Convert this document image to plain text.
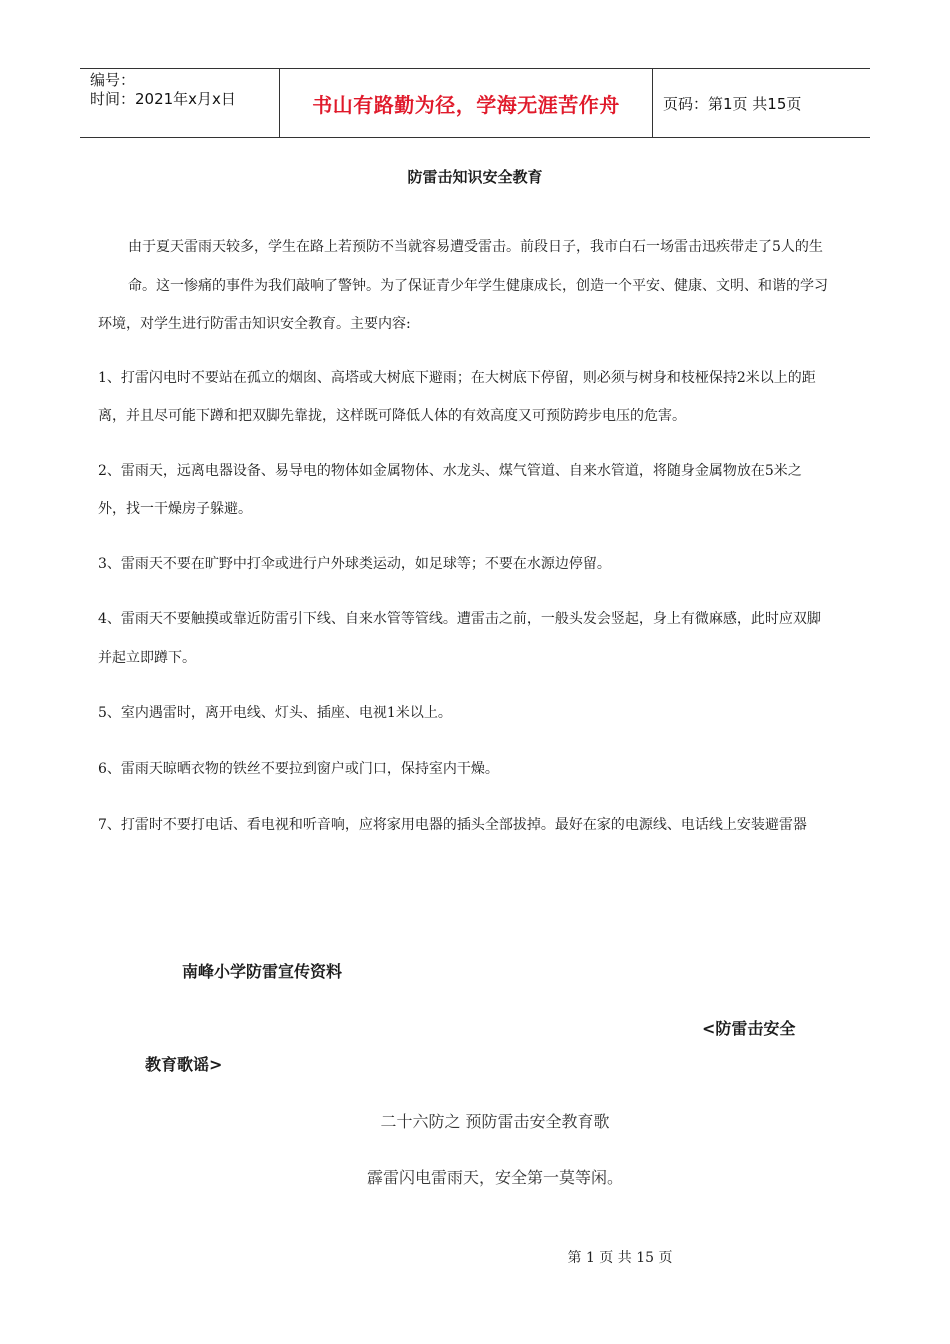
编号：
时间：2021年x月x日	书山有路勤为径，学海无涯苦作舟	页码：第1页 共15页
防雷击知识安全教育
由于夏天雷雨天较多，学生在路上若预防不当就容易遭受雷击。前段日子，我市白石一场雷击迅疾带走了5人的生
命。这一惨痛的事件为我们敲响了警钟。为了保证青少年学生健康成长，创造一个平安、健康、文明、和谐的学习
环境，对学生进行防雷击知识安全教育。主要内容:
1、打雷闪电时不要站在孤立的烟囱、高塔或大树底下避雨；在大树底下停留，则必须与树身和枝桠保持2米以上的距
离，并且尽可能下蹲和把双脚先靠拢，这样既可降低人体的有效高度又可预防跨步电压的危害。
2、雷雨天，远离电器设备、易导电的物体如金属物体、水龙头、煤气管道、自来水管道，将随身金属物放在5米之
外，找一干燥房子躲避。
3、雷雨天不要在旷野中打伞或进行户外球类运动，如足球等；不要在水源边停留。
4、雷雨天不要触摸或靠近防雷引下线、自来水管等管线。遭雷击之前，一般头发会竖起，身上有微麻感，此时应双脚
并起立即蹲下。
5、室内遇雷时，离开电线、灯头、插座、电视1米以上。
6、雷雨天晾晒衣物的铁丝不要拉到窗户或门口，保持室内干燥。
7、打雷时不要打电话、看电视和听音响，应将家用电器的插头全部拔掉。最好在家的电源线、电话线上安装避雷器
南峰小学防雷宣传资料
<防雷击安全
教育歌谣>
二十六防之 预防雷击安全教育歌
霹雷闪电雷雨天，安全第一莫等闲。
第 1 页 共 15 页
